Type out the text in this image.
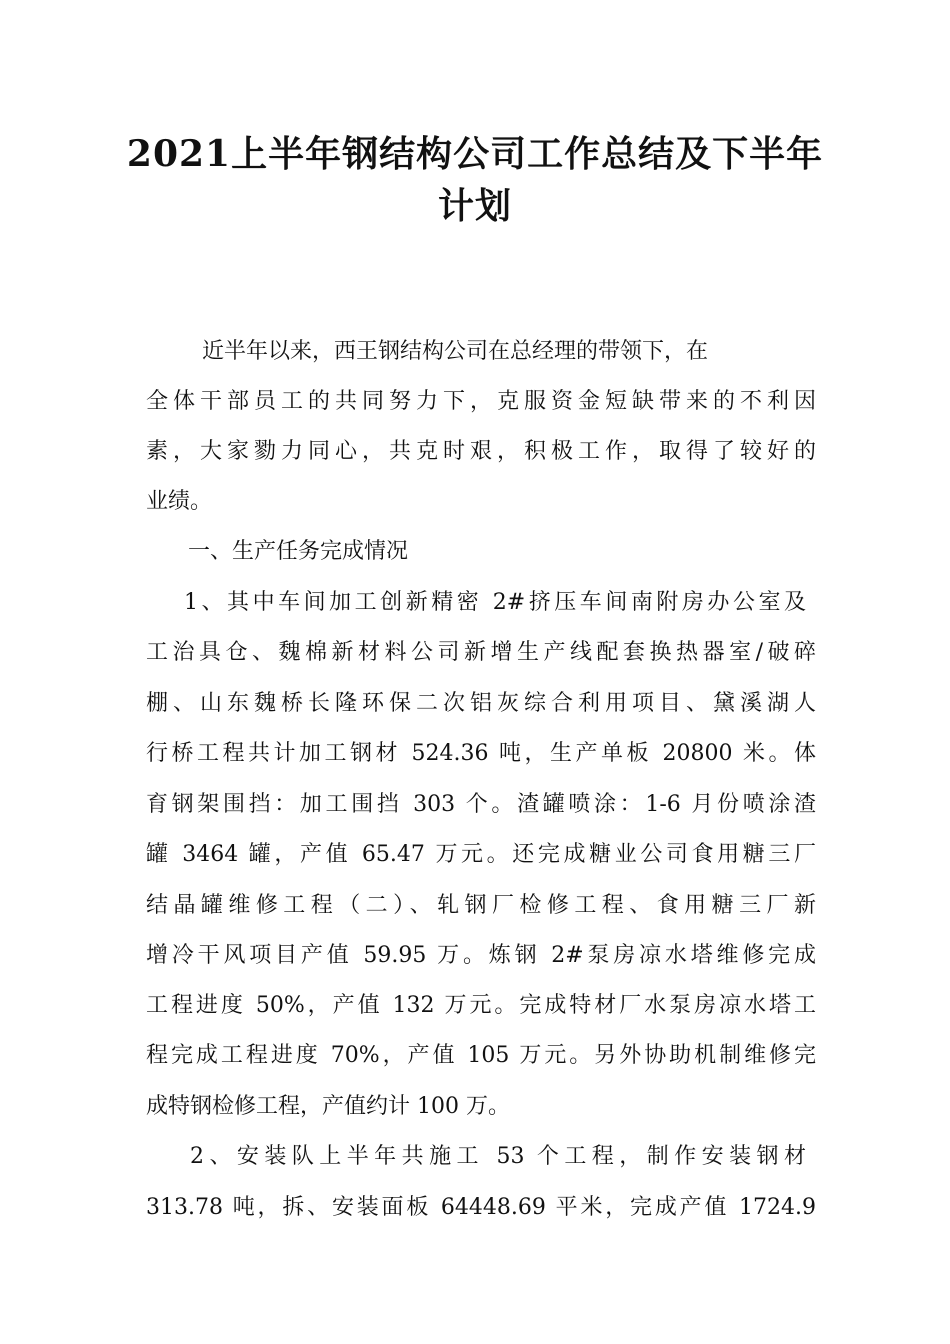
2021上半年钢结构公司工作总结及下半年
计划

近半年以来，西王钢结构公司在总经理的带领下，在

全体干部员工的共同努力下，克服资金短缺带来的不利因

素，大家勠力同心，共克时艰，积极工作，取得了较好的

业绩。

一、生产任务完成情况

1、其中车间加工创新精密 2#挤压车间南附房办公室及

工治具仓、魏棉新材料公司新增生产线配套换热器室/破碎

棚、山东魏桥长隆环保二次铝灰综合利用项目、黛溪湖人

行桥工程共计加工钢材 524.36 吨，生产单板 20800 米。体

育钢架围挡：加工围挡 303 个。渣罐喷涂：1-6 月份喷涂渣

罐 3464 罐，产值 65.47 万元。还完成糖业公司食用糖三厂

结晶罐维修工程（二）、轧钢厂检修工程、食用糖三厂新

增冷干风项目产值 59.95 万。炼钢 2#泵房凉水塔维修完成

工程进度 50%，产值 132 万元。完成特材厂水泵房凉水塔工

程完成工程进度 70%，产值 105 万元。另外协助机制维修完

成特钢检修工程，产值约计 100 万。

2、安装队上半年共施工 53 个工程，制作安装钢材

313.78 吨，拆、安装面板 64448.69 平米，完成产值 1724.9
